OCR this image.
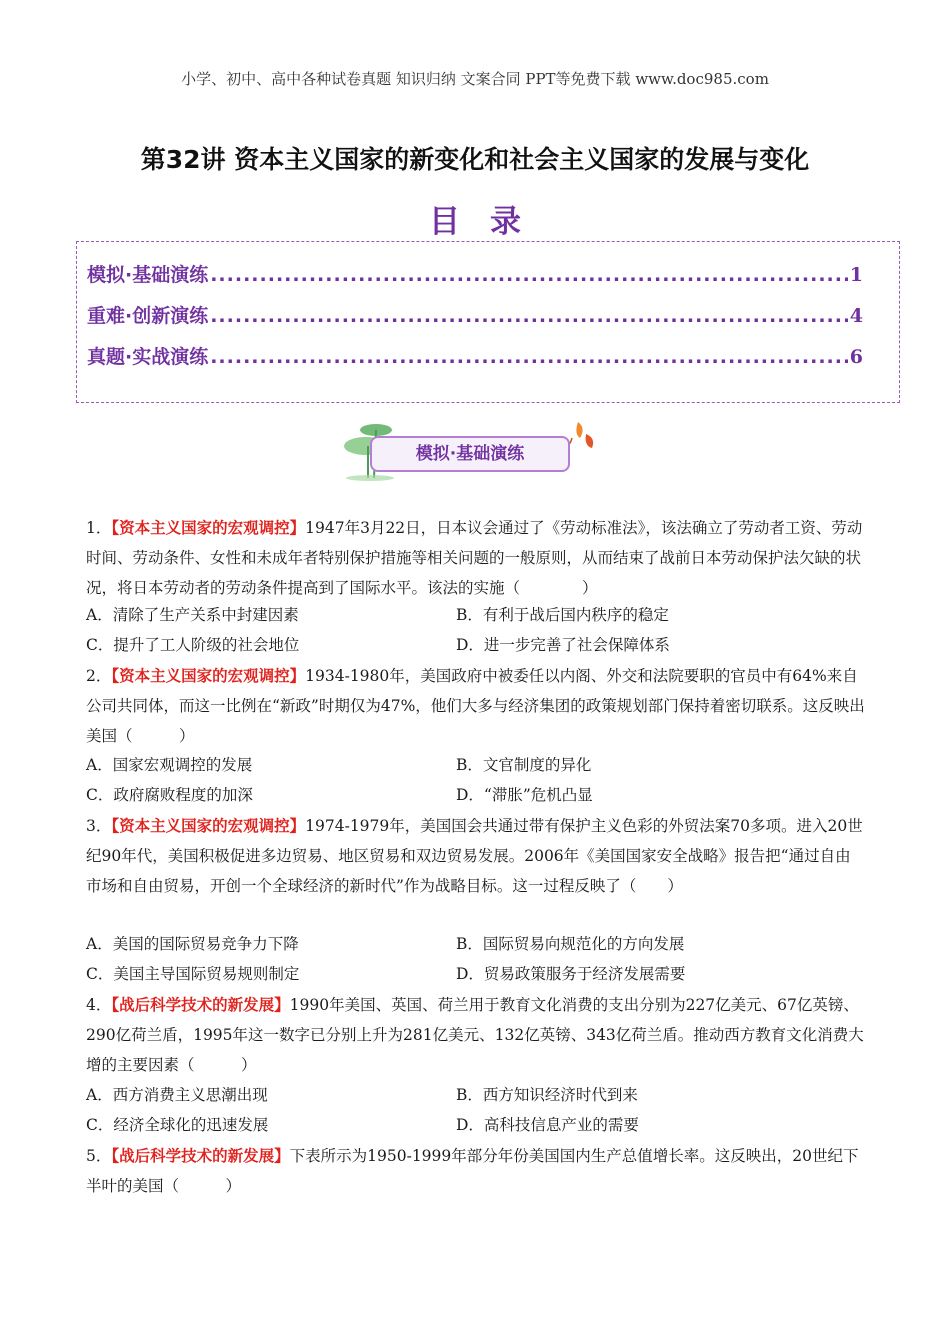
小学、初中、高中各种试卷真题 知识归纳 文案合同 PPT等免费下载 www.doc985.com
第32讲 资本主义国家的新变化和社会主义国家的发展与变化
目录
模拟·基础演练 .....	1
重难·创新演练 .....	4
真题·实战演练 .....	6
模拟·基础演练
1．【资本主义国家的宏观调控】1947年3月22日，日本议会通过了《劳动标准法》，该法确立了劳动者工资、劳动时间、劳动条件、女性和未成年者特别保护措施等相关问题的一般原则，从而结束了战前日本劳动保护法欠缺的状况，将日本劳动者的劳动条件提高到了国际水平。该法的实施（　　　　）
A．清除了生产关系中封建因素	B．有利于战后国内秩序的稳定
C．提升了工人阶级的社会地位	D．进一步完善了社会保障体系
2．【资本主义国家的宏观调控】1934-1980年，美国政府中被委任以内阁、外交和法院要职的官员中有64%来自公司共同体，而这一比例在“新政”时期仅为47%，他们大多与经济集团的政策规划部门保持着密切联系。这反映出美国（　　　）
A．国家宏观调控的发展	B．文官制度的异化
C．政府腐败程度的加深	D．“滞胀”危机凸显
3．【资本主义国家的宏观调控】1974-1979年，美国国会共通过带有保护主义色彩的外贸法案70多项。进入20世纪90年代，美国积极促进多边贸易、地区贸易和双边贸易发展。2006年《美国国家安全战略》报告把“通过自由市场和自由贸易，开创一个全球经济的新时代”作为战略目标。这一过程反映了（　　）
A．美国的国际贸易竞争力下降	B．国际贸易向规范化的方向发展
C．美国主导国际贸易规则制定	D．贸易政策服务于经济发展需要
4．【战后科学技术的新发展】1990年美国、英国、荷兰用于教育文化消费的支出分别为227亿美元、67亿英镑、290亿荷兰盾，1995年这一数字已分别上升为281亿美元、132亿英镑、343亿荷兰盾。推动西方教育文化消费大增的主要因素（　　　）
A．西方消费主义思潮出现	B．西方知识经济时代到来
C．经济全球化的迅速发展	D．高科技信息产业的需要
5．【战后科学技术的新发展】下表所示为1950-1999年部分年份美国国内生产总值增长率。这反映出，20世纪下半叶的美国（　　　）
